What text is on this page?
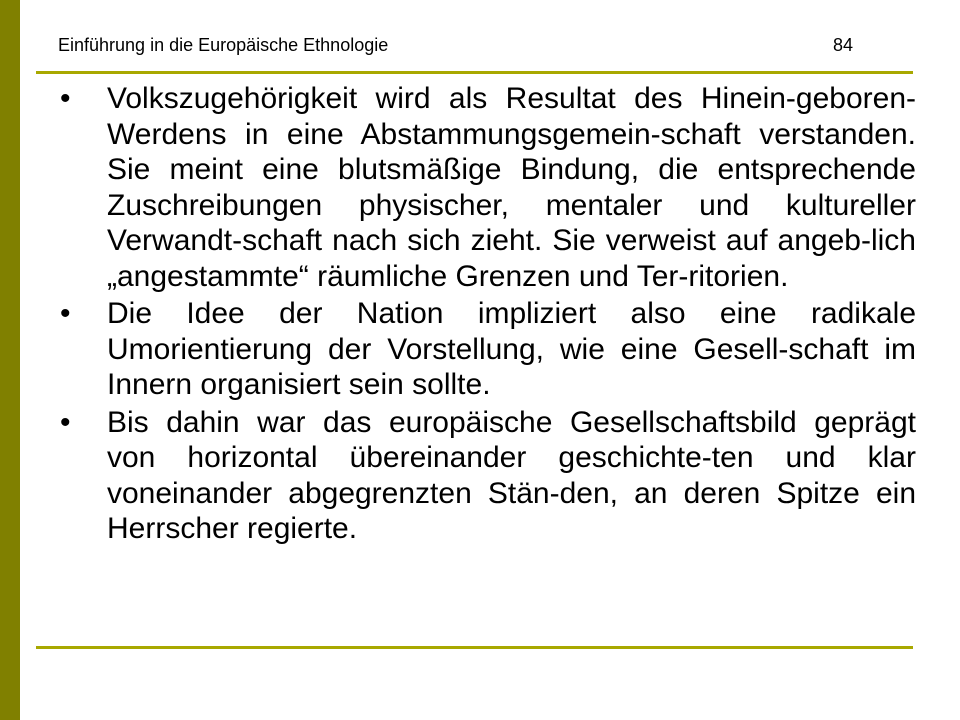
Einführung in die Europäische Ethnologie	84
• Volkszugehörigkeit wird als Resultat des Hinein-geboren-Werdens in eine Abstammungsgemein-schaft verstanden. Sie meint eine blutsmäßige Bindung, die entsprechende Zuschreibungen physischer, mentaler und kultureller Verwandt-schaft nach sich zieht. Sie verweist auf angeb-lich „angestammte“ räumliche Grenzen und Ter-ritorien.
• Die Idee der Nation impliziert also eine radikale Umorientierung der Vorstellung, wie eine Gesell-schaft im Innern organisiert sein sollte.
• Bis dahin war das europäische Gesellschaftsbild geprägt von horizontal übereinander geschichte-ten und klar voneinander abgegrenzten Stän-den, an deren Spitze ein Herrscher regierte.
